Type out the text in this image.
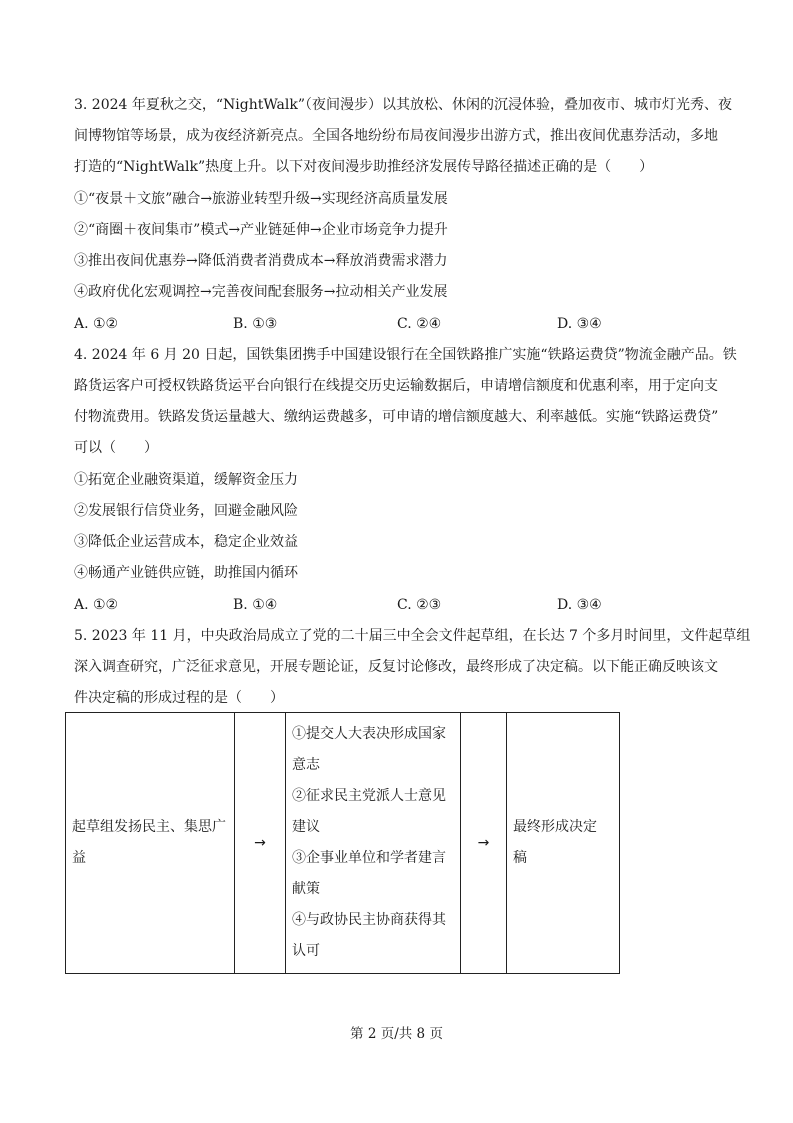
3. 2024 年夏秋之交，“NightWalk”（夜间漫步）以其放松、休闲的沉浸体验，叠加夜市、城市灯光秀、夜
间博物馆等场景，成为夜经济新亮点。全国各地纷纷布局夜间漫步出游方式，推出夜间优惠券活动，多地
打造的“NightWalk”热度上升。以下对夜间漫步助推经济发展传导路径描述正确的是（　　）
①“夜景＋文旅”融合→旅游业转型升级→实现经济高质量发展
②“商圈＋夜间集市”模式→产业链延伸→企业市场竞争力提升
③推出夜间优惠券→降低消费者消费成本→释放消费需求潜力
④政府优化宏观调控→完善夜间配套服务→拉动相关产业发展
A. ①②	B. ①③	C. ②④	D. ③④
4. 2024 年 6 月 20 日起，国铁集团携手中国建设银行在全国铁路推广实施“铁路运费贷”物流金融产品。铁
路货运客户可授权铁路货运平台向银行在线提交历史运输数据后，申请增信额度和优惠利率，用于定向支
付物流费用。铁路发货运量越大、缴纳运费越多，可申请的增信额度越大、利率越低。实施“铁路运费贷”
可以（　　）
①拓宽企业融资渠道，缓解资金压力
②发展银行信贷业务，回避金融风险
③降低企业运营成本，稳定企业效益
④畅通产业链供应链，助推国内循环
A. ①②	B. ①④	C. ②③	D. ③④
5. 2023 年 11 月，中央政治局成立了党的二十届三中全会文件起草组，在长达 7 个多月时间里，文件起草组
深入调查研究，广泛征求意见，开展专题论证，反复讨论修改，最终形成了决定稿。以下能正确反映该文
件决定稿的形成过程的是（　　）
起草组发扬民主、集思广
益
	→	
①提交人大表决形成国家
意志
②征求民主党派人士意见
建议
③企事业单位和学者建言
献策
④与政协民主协商获得其
认可
	→	
最终形成决定
稿
第 2 页/共 8 页
